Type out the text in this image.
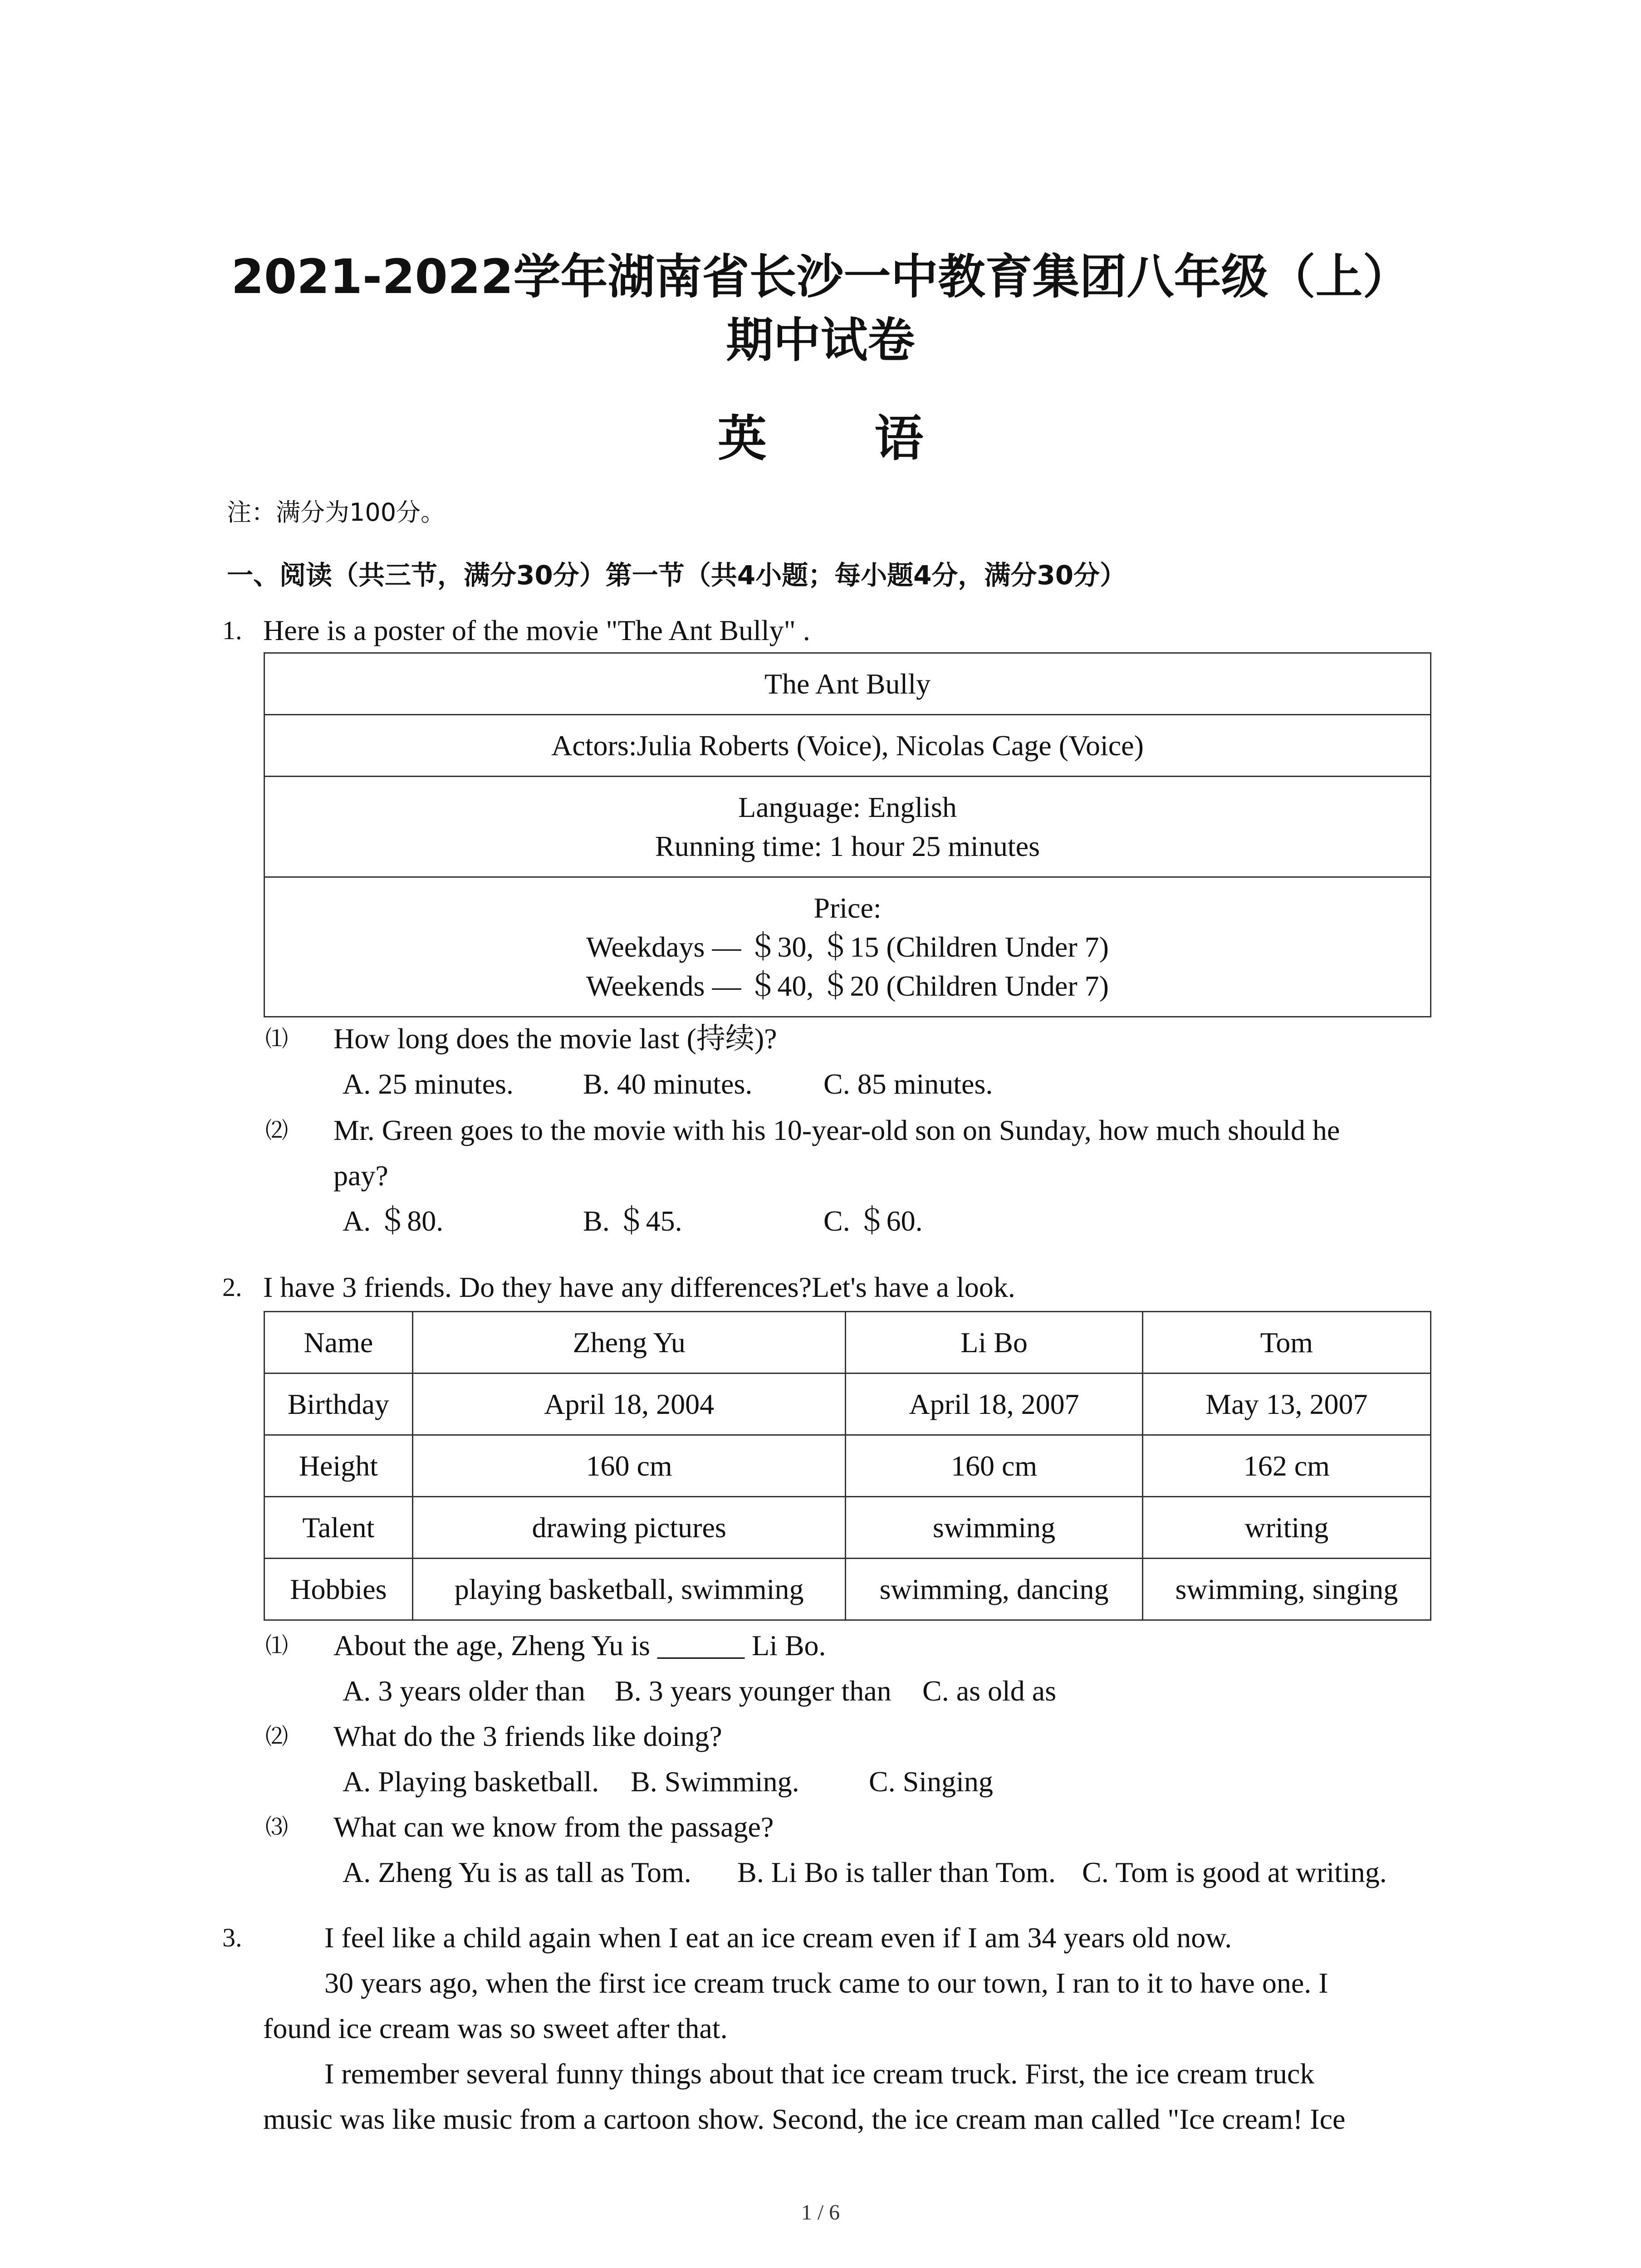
2021-2022学年湖南省长沙一中教育集团八年级（上）
期中试卷
英 语
注：满分为100分。
一、阅读（共三节，满分30分）第一节（共4小题；每小题4分，满分30分）
1. Here is a poster of the movie "The Ant Bully" .
The Ant Bully
Actors:Julia Roberts (Voice), Nicolas Cage (Voice)

Language: English
Running time: 1 hour 25 minutes

Price:
Weekdays — ＄30, ＄15 (Children Under 7)
Weekends — ＄40, ＄20 (Children Under 7)
⑴ How long does the movie last (持续)?
A. 25 minutes. B. 40 minutes. C. 85 minutes.
⑵ Mr. Green goes to the movie with his 10-year-old son on Sunday, how much should he
pay?
A. ＄80.	B. ＄45.	C. ＄60.
2. I have 3 friends. Do they have any differences?Let's have a look.
Name	Zheng Yu	Li Bo	Tom
Birthday	April 18, 2004	April 18, 2007	May 13, 2007
Height	160 cm	160 cm	162 cm
Talent	drawing pictures	swimming	writing
Hobbies	playing basketball, swimming	swimming, dancing	swimming, singing
⑴ About the age, Zheng Yu is ______ Li Bo.
A. 3 years older than B. 3 years younger than C. as old as
⑵ What do the 3 friends like doing?
A. Playing basketball. B. Swimming. C. Singing
⑶ What can we know from the passage?
A. Zheng Yu is as tall as Tom. B. Li Bo is taller than Tom. C. Tom is good at writing.
3.	I feel like a child again when I eat an ice cream even if I am 34 years old now.
30 years ago, when the first ice cream truck came to our town, I ran to it to have one. I
found ice cream was so sweet after that.
I remember several funny things about that ice cream truck. First, the ice cream truck
music was like music from a cartoon show. Second, the ice cream man called "Ice cream! Ice
1 / 6
